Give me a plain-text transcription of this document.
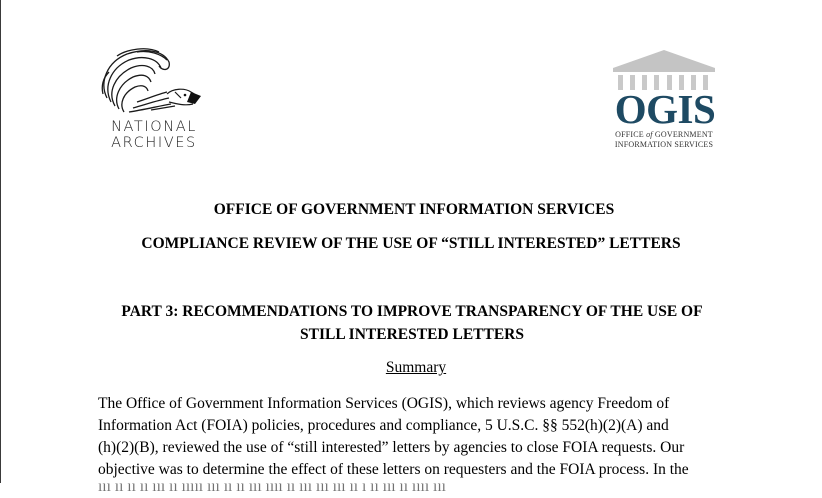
NATIONAL
ARCHIVES
OGIS
OFFICE of GOVERNMENT
INFORMATION SERVICES
OFFICE OF GOVERNMENT INFORMATION SERVICES
COMPLIANCE REVIEW OF THE USE OF “STILL INTERESTED” LETTERS
PART 3: RECOMMENDATIONS TO IMPROVE TRANSPARENCY OF THE USE OF
STILL INTERESTED LETTERS
Summary
The Office of Government Information Services (OGIS), which reviews agency Freedom of
Information Act (FOIA) policies, procedures and compliance, 5 U.S.C. §§ 552(h)(2)(A) and
(h)(2)(B), reviewed the use of “still interested” letters by agencies to close FOIA requests. Our
objective was to determine the effect of these letters on requesters and the FOIA process. In the
ııı ıı ıı ıı ııı ıı ııııı ııı ıı ıı ııı ıııı ıı ııı ııı ııı ıı ı ıı ııı ıı ıııı ııı
